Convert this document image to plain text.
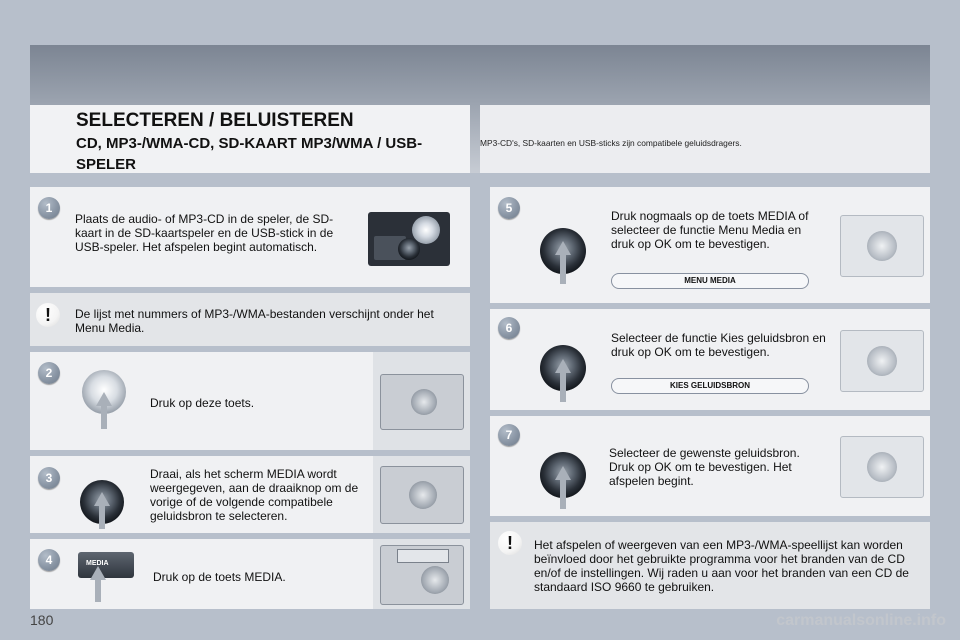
SELECTEREN / BELUISTEREN
CD, MP3-/WMA-CD, SD-KAART MP3/WMA / USB-SPELER
MP3-CD's, SD-kaarten en USB-sticks zijn compatibele geluidsdragers.
1
Plaats de audio- of MP3-CD in de speler, de SD-kaart in de SD-kaartspeler en de USB-stick in de USB-speler. Het afspelen begint automatisch.
!	De lijst met nummers of MP3-/WMA-bestanden verschijnt onder het Menu Media.
2
Druk op deze toets.
3	Draai, als het scherm MEDIA wordt weergegeven, aan de draaiknop om de vorige of de volgende compatibele geluidsbron te selecteren.
4	MEDIA
Druk op de toets MEDIA.
5
Druk nogmaals op de toets MEDIA of selecteer de functie Menu Media en druk op OK om te bevestigen.
MENU MEDIA
6
Selecteer de functie Kies geluidsbron en druk op OK om te bevestigen.
KIES GELUIDSBRON
7
Selecteer de gewenste geluidsbron. Druk op OK om te bevestigen. Het afspelen begint.
!	Het afspelen of weergeven van een MP3-/WMA-speellijst kan worden beïnvloed door het gebruikte programma voor het branden van de CD en/of de instellingen. Wij raden u aan voor het branden van een CD de standaard ISO 9660 te gebruiken.
180	carmanualsonline.info
